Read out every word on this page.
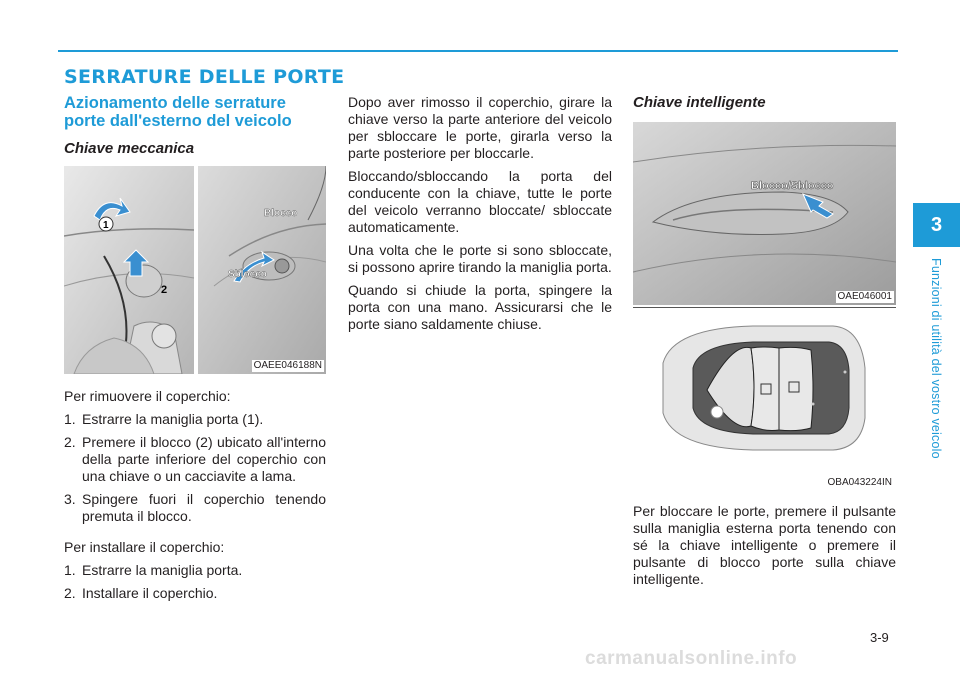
SERRATURE DELLE PORTE
Azionamento delle serrature porte dall'esterno del veicolo
Chiave meccanica
1
2
Blocco
Sblocco
OAEE046188N

Per rimuovere il coperchio:

1. Estrarre la maniglia porta (1).
2. Premere il blocco (2) ubicato all'interno della parte inferiore del coperchio con una chiave o un cacciavite a lama.
3. Spingere fuori il coperchio tenendo premuta il blocco.

Per installare il coperchio:

1. Estrarre la maniglia porta.
2. Installare il coperchio.

Dopo aver rimosso il coperchio, girare la chiave verso la parte anteriore del veicolo per sbloccare le porte, girarla verso la parte posteriore per bloccarle.

Bloccando/sbloccando la porta del conducente con la chiave, tutte le porte del veicolo verranno bloccate/ sbloccate automaticamente.

Una volta che le porte si sono sbloccate, si possono aprire tirando la maniglia porta.

Quando si chiude la porta, spingere la porta con una mano. Assicurarsi che le porte siano saldamente chiuse.

Chiave intelligente
Blocco/Sblocco
OAE046001
OBA043224IN

Per bloccare le porte, premere il pulsante sulla maniglia esterna porta tenendo con sé la chiave intelligente o premere il pulsante di blocco porte sulla chiave intelligente.

3
Funzioni di utilità del vostro veicolo
3-9
carmanualsonline.info
